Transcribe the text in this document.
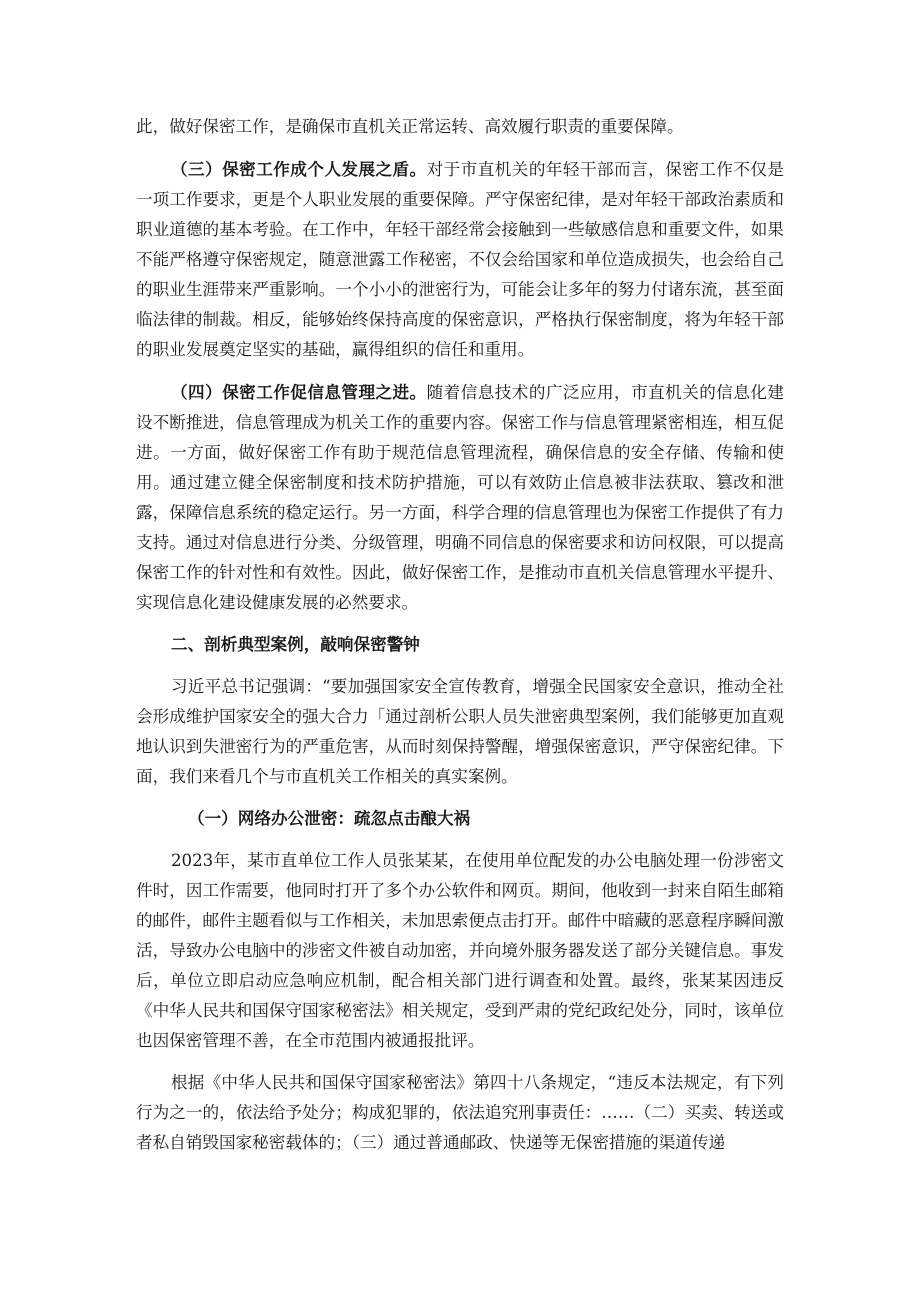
此，做好保密工作，是确保市直机关正常运转、高效履行职责的重要保障。

（三）保密工作成个人发展之盾。对于市直机关的年轻干部而言，保密工作不仅是一项工作要求，更是个人职业发展的重要保障。严守保密纪律，是对年轻干部政治素质和职业道德的基本考验。在工作中，年轻干部经常会接触到一些敏感信息和重要文件，如果不能严格遵守保密规定，随意泄露工作秘密，不仅会给国家和单位造成损失，也会给自己的职业生涯带来严重影响。一个小小的泄密行为，可能会让多年的努力付诸东流，甚至面临法律的制裁。相反，能够始终保持高度的保密意识，严格执行保密制度，将为年轻干部的职业发展奠定坚实的基础，赢得组织的信任和重用。

（四）保密工作促信息管理之进。随着信息技术的广泛应用，市直机关的信息化建设不断推进，信息管理成为机关工作的重要内容。保密工作与信息管理紧密相连，相互促进。一方面，做好保密工作有助于规范信息管理流程，确保信息的安全存储、传输和使用。通过建立健全保密制度和技术防护措施，可以有效防止信息被非法获取、篡改和泄露，保障信息系统的稳定运行。另一方面，科学合理的信息管理也为保密工作提供了有力支持。通过对信息进行分类、分级管理，明确不同信息的保密要求和访问权限，可以提高保密工作的针对性和有效性。因此，做好保密工作，是推动市直机关信息管理水平提升、实现信息化建设健康发展的必然要求。

二、剖析典型案例，敲响保密警钟

习近平总书记强调：“要加强国家安全宣传教育，增强全民国家安全意识，推动全社会形成维护国家安全的强大合力「通过剖析公职人员失泄密典型案例，我们能够更加直观地认识到失泄密行为的严重危害，从而时刻保持警醒，增强保密意识，严守保密纪律。下面，我们来看几个与市直机关工作相关的真实案例。

（一）网络办公泄密：疏忽点击酿大祸

2023年，某市直单位工作人员张某某，在使用单位配发的办公电脑处理一份涉密文件时，因工作需要，他同时打开了多个办公软件和网页。期间，他收到一封来自陌生邮箱的邮件，邮件主题看似与工作相关，未加思索便点击打开。邮件中暗藏的恶意程序瞬间激活，导致办公电脑中的涉密文件被自动加密，并向境外服务器发送了部分关键信息。事发后，单位立即启动应急响应机制，配合相关部门进行调查和处置。最终，张某某因违反《中华人民共和国保守国家秘密法》相关规定，受到严肃的党纪政纪处分，同时，该单位也因保密管理不善，在全市范围内被通报批评。

根据《中华人民共和国保守国家秘密法》第四十八条规定，“违反本法规定，有下列行为之一的，依法给予处分；构成犯罪的，依法追究刑事责任：……（二）买卖、转送或者私自销毁国家秘密载体的；（三）通过普通邮政、快递等无保密措施的渠道传递
